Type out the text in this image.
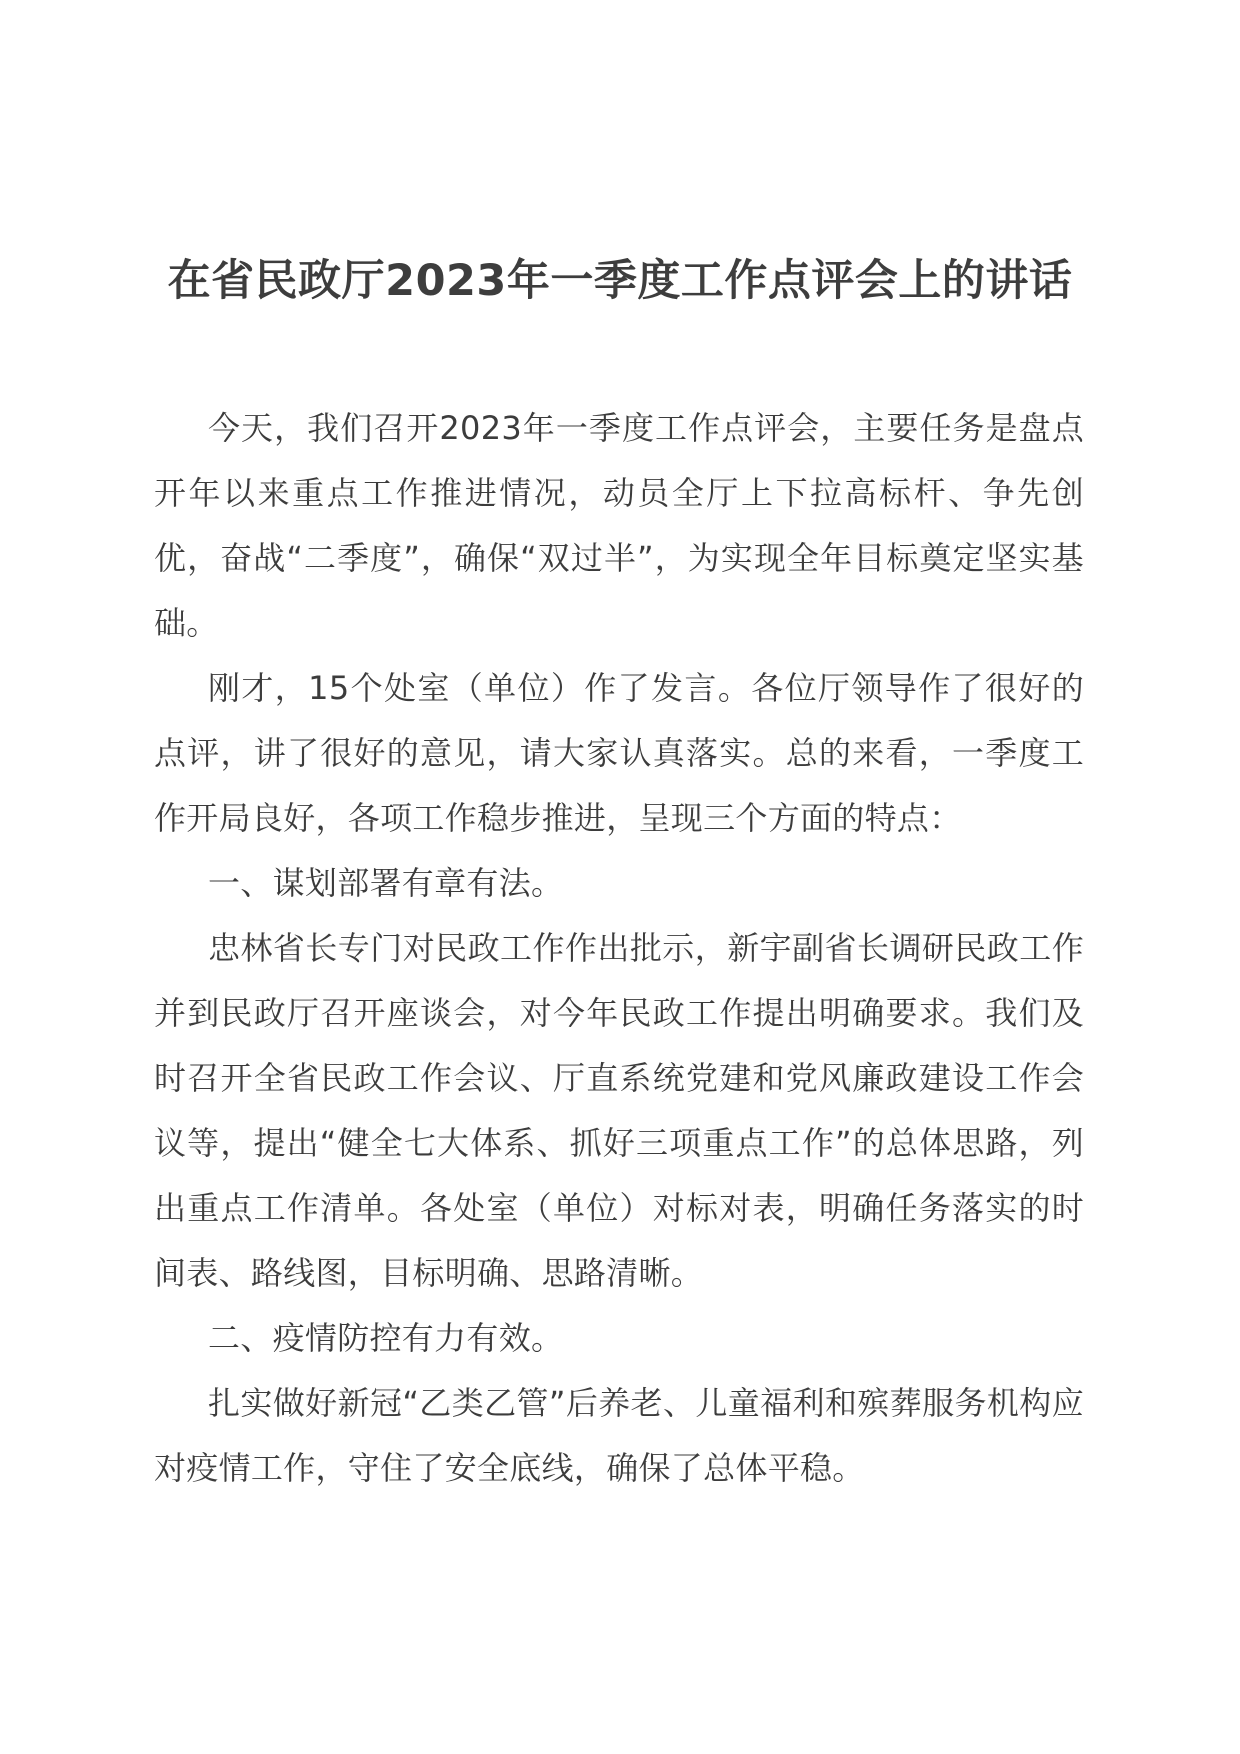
在省民政厅2023年一季度工作点评会上的讲话

今天，我们召开2023年一季度工作点评会，主要任务是盘点开年以来重点工作推进情况，动员全厅上下拉高标杆、争先创优，奋战“二季度”，确保“双过半”，为实现全年目标奠定坚实基础。

刚才，15个处室（单位）作了发言。各位厅领导作了很好的点评，讲了很好的意见，请大家认真落实。总的来看，一季度工作开局良好，各项工作稳步推进，呈现三个方面的特点：

一、谋划部署有章有法。

忠林省长专门对民政工作作出批示，新宇副省长调研民政工作并到民政厅召开座谈会，对今年民政工作提出明确要求。我们及时召开全省民政工作会议、厅直系统党建和党风廉政建设工作会议等，提出“健全七大体系、抓好三项重点工作”的总体思路，列出重点工作清单。各处室（单位）对标对表，明确任务落实的时间表、路线图，目标明确、思路清晰。

二、疫情防控有力有效。

扎实做好新冠“乙类乙管”后养老、儿童福利和殡葬服务机构应对疫情工作，守住了安全底线，确保了总体平稳。
